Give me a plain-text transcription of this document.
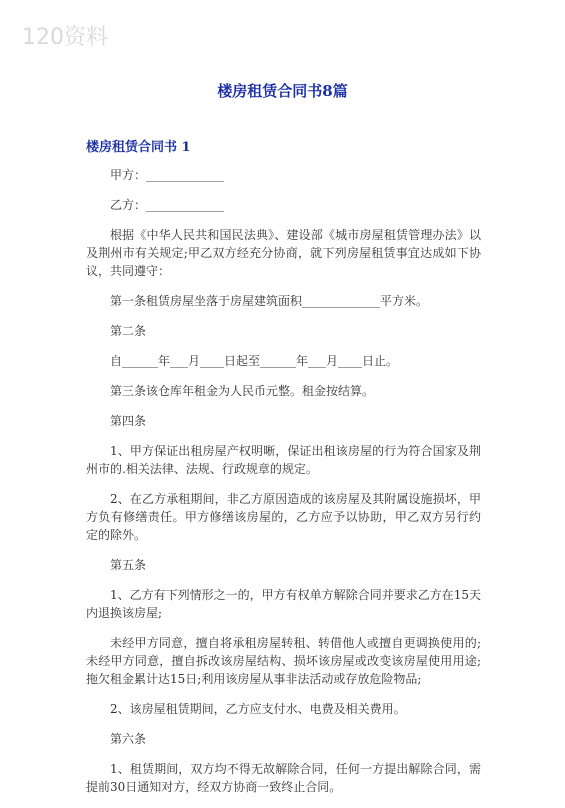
120资料
楼房租赁合同书8篇
楼房租赁合同书 1

甲方：_____________

乙方：_____________

根据《中华人民共和国民法典》、建设部《城市房屋租赁管理办法》以及荆州市有关规定;甲乙双方经充分协商，就下列房屋租赁事宜达成如下协议，共同遵守：

第一条租赁房屋坐落于房屋建筑面积_____________平方米。

第二条

自______年___月____日起至______年___月____日止。

第三条该仓库年租金为人民币元整。租金按结算。

第四条

1、甲方保证出租房屋产权明晰，保证出租该房屋的行为符合国家及荆州市的.相关法律、法规、行政规章的规定。

2、在乙方承租期间，非乙方原因造成的该房屋及其附属设施损坏，甲方负有修缮责任。甲方修缮该房屋的，乙方应予以协助，甲乙双方另行约定的除外。

第五条

1、乙方有下列情形之一的，甲方有权单方解除合同并要求乙方在15天内退换该房屋;

未经甲方同意，擅自将承租房屋转租、转借他人或擅自更调换使用的;未经甲方同意，擅自拆改该房屋结构、损坏该房屋或改变该房屋使用用途;拖欠租金累计达15日;利用该房屋从事非法活动或存放危险物品;

2、该房屋租赁期间，乙方应支付水、电费及相关费用。

第六条

1、租赁期间，双方均不得无故解除合同，任何一方提出解除合同，需提前30日通知对方，经双方协商一致终止合同。
